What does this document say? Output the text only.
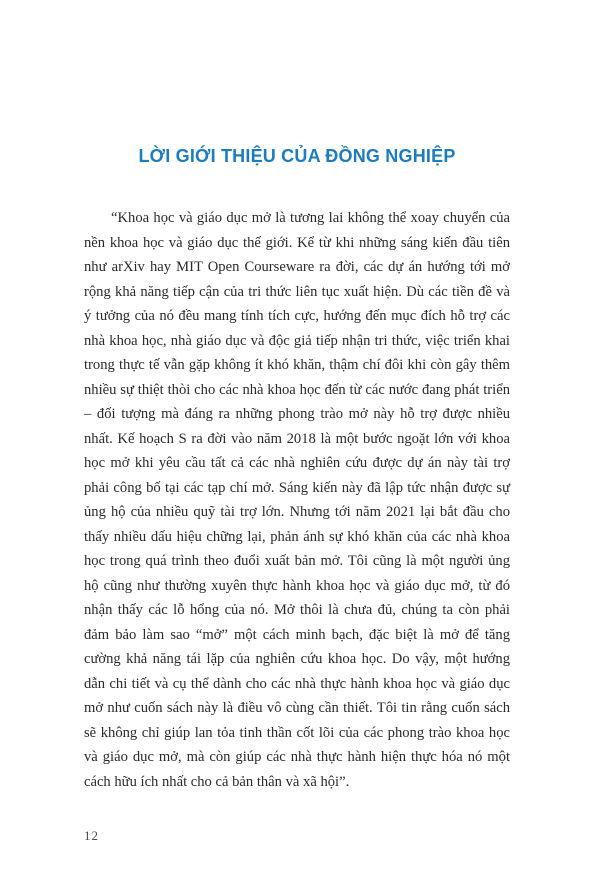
LỜI GIỚI THIỆU CỦA ĐỒNG NGHIỆP

“Khoa học và giáo dục mở là tương lai không thể xoay chuyển của nền khoa học và giáo dục thế giới. Kể từ khi những sáng kiến đầu tiên như arXiv hay MIT Open Courseware ra đời, các dự án hướng tới mở rộng khả năng tiếp cận của tri thức liên tục xuất hiện. Dù các tiền đề và ý tưởng của nó đều mang tính tích cực, hướng đến mục đích hỗ trợ các nhà khoa học, nhà giáo dục và độc giả tiếp nhận tri thức, việc triển khai trong thực tế vẫn gặp không ít khó khăn, thậm chí đôi khi còn gây thêm nhiều sự thiệt thòi cho các nhà khoa học đến từ các nước đang phát triển – đối tượng mà đáng ra những phong trào mở này hỗ trợ được nhiều nhất. Kế hoạch S ra đời vào năm 2018 là một bước ngoặt lớn với khoa học mở khi yêu cầu tất cả các nhà nghiên cứu được dự án này tài trợ phải công bố tại các tạp chí mở. Sáng kiến này đã lập tức nhận được sự ủng hộ của nhiều quỹ tài trợ lớn. Nhưng tới năm 2021 lại bắt đầu cho thấy nhiều dấu hiệu chững lại, phản ánh sự khó khăn của các nhà khoa học trong quá trình theo đuổi xuất bản mở. Tôi cũng là một người ủng hộ cũng như thường xuyên thực hành khoa học và giáo dục mở, từ đó nhận thấy các lỗ hổng của nó. Mở thôi là chưa đủ, chúng ta còn phải đảm bảo làm sao “mở” một cách minh bạch, đặc biệt là mở để tăng cường khả năng tái lặp của nghiên cứu khoa học. Do vậy, một hướng dẫn chi tiết và cụ thể dành cho các nhà thực hành khoa học và giáo dục mở như cuốn sách này là điều vô cùng cần thiết. Tôi tin rằng cuốn sách sẽ không chỉ giúp lan tỏa tinh thần cốt lõi của các phong trào khoa học và giáo dục mở, mà còn giúp các nhà thực hành hiện thực hóa nó một cách hữu ích nhất cho cả bản thân và xã hội”.

12
